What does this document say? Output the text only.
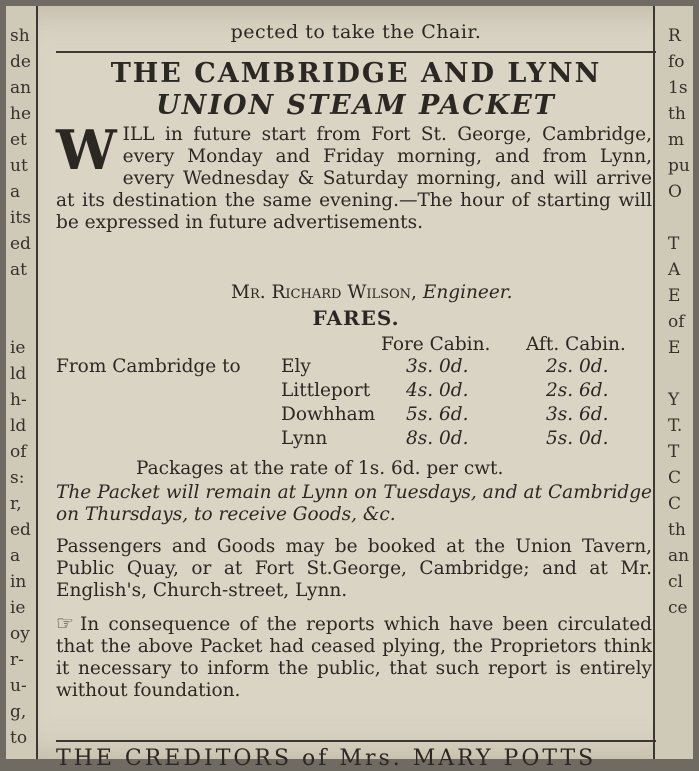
sh
de
an
he
et
ut
a
its
ed
at
ie
ld
h-
ld
of
s:
r,
ed
a
in
ie
oy
r-
u-
g,
to
R
fo
1s
th
m
pu
O
T
A
E
of
E
Y
T.
T
C
C
th
an
cl
ce
pected to take the Chair.
THE CAMBRIDGE AND LYNN
UNION STEAM PACKET
WILL in future start from Fort St. George, Cambridge, every Monday and Friday morning, and from Lynn, every Wednesday & Saturday morning, and will arrive at its destination the same evening.—The hour of starting will be expressed in future advertisements.
Mr. Richard Wilson, Engineer.
FARES.
Fore Cabin. Aft. Cabin.
From Cambridge to Ely	3s. 0d.	2s. 0d.
Littleport 4s. 0d.	2s. 6d.
Dowhham 5s. 6d.	3s. 6d.
Lynn	8s. 0d.	5s. 0d.
Packages at the rate of 1s. 6d. per cwt.
The Packet will remain at Lynn on Tuesdays, and at Cambridge on Thursdays, to receive Goods, &c.
Passengers and Goods may be booked at the Union Tavern, Public Quay, or at Fort St.George, Cambridge; and at Mr. English's, Church-street, Lynn.
☞ In consequence of the reports which have been circulated that the above Packet had ceased plying, the Proprietors think it necessary to inform the public, that such report is entirely without foundation.
THE CREDITORS of Mrs. MARY POTTS
